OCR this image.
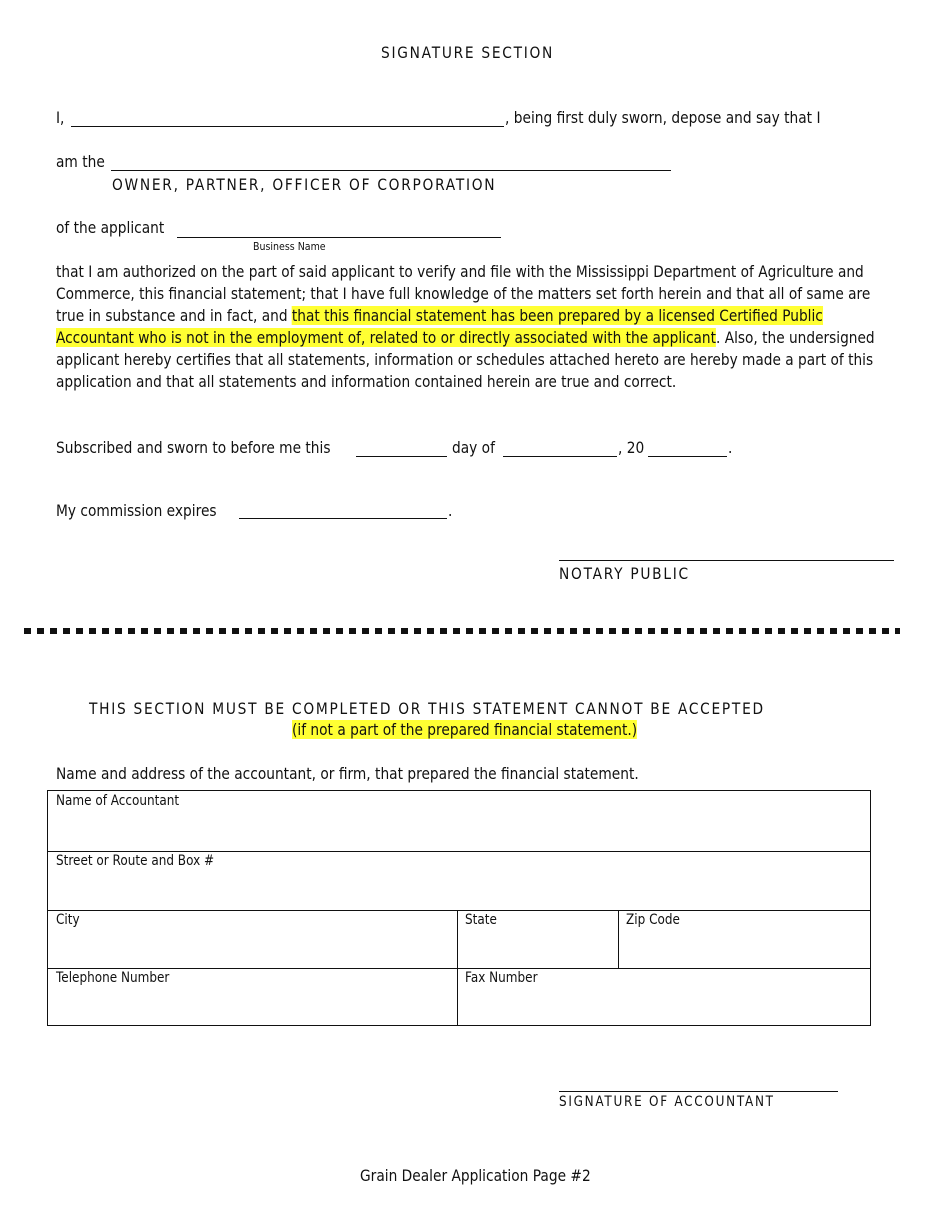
SIGNATURE SECTION
I,	, being first duly sworn, depose and say that I
am the
OWNER, PARTNER, OFFICER OF CORPORATION
of the applicant
Business Name
that I am authorized on the part of said applicant to verify and file with the Mississippi Department of Agriculture and Commerce, this financial statement; that I have full knowledge of the matters set forth herein and that all of same are true in substance and in fact, and that this financial statement has been prepared by a licensed Certified Public Accountant who is not in the employment of, related to or directly associated with the applicant. Also, the undersigned applicant hereby certifies that all statements, information or schedules attached hereto are hereby made a part of this application and that all statements and information contained herein are true and correct.
Subscribed and sworn to before me this	day of	, 20	.
My commission expires	.
NOTARY PUBLIC
THIS SECTION MUST BE COMPLETED OR THIS STATEMENT CANNOT BE ACCEPTED
(if not a part of the prepared financial statement.)
Name and address of the accountant, or firm, that prepared the financial statement.
Name of Accountant
Street or Route and Box #
City	State	Zip Code
Telephone Number	Fax Number
SIGNATURE OF ACCOUNTANT
Grain Dealer Application Page #2
